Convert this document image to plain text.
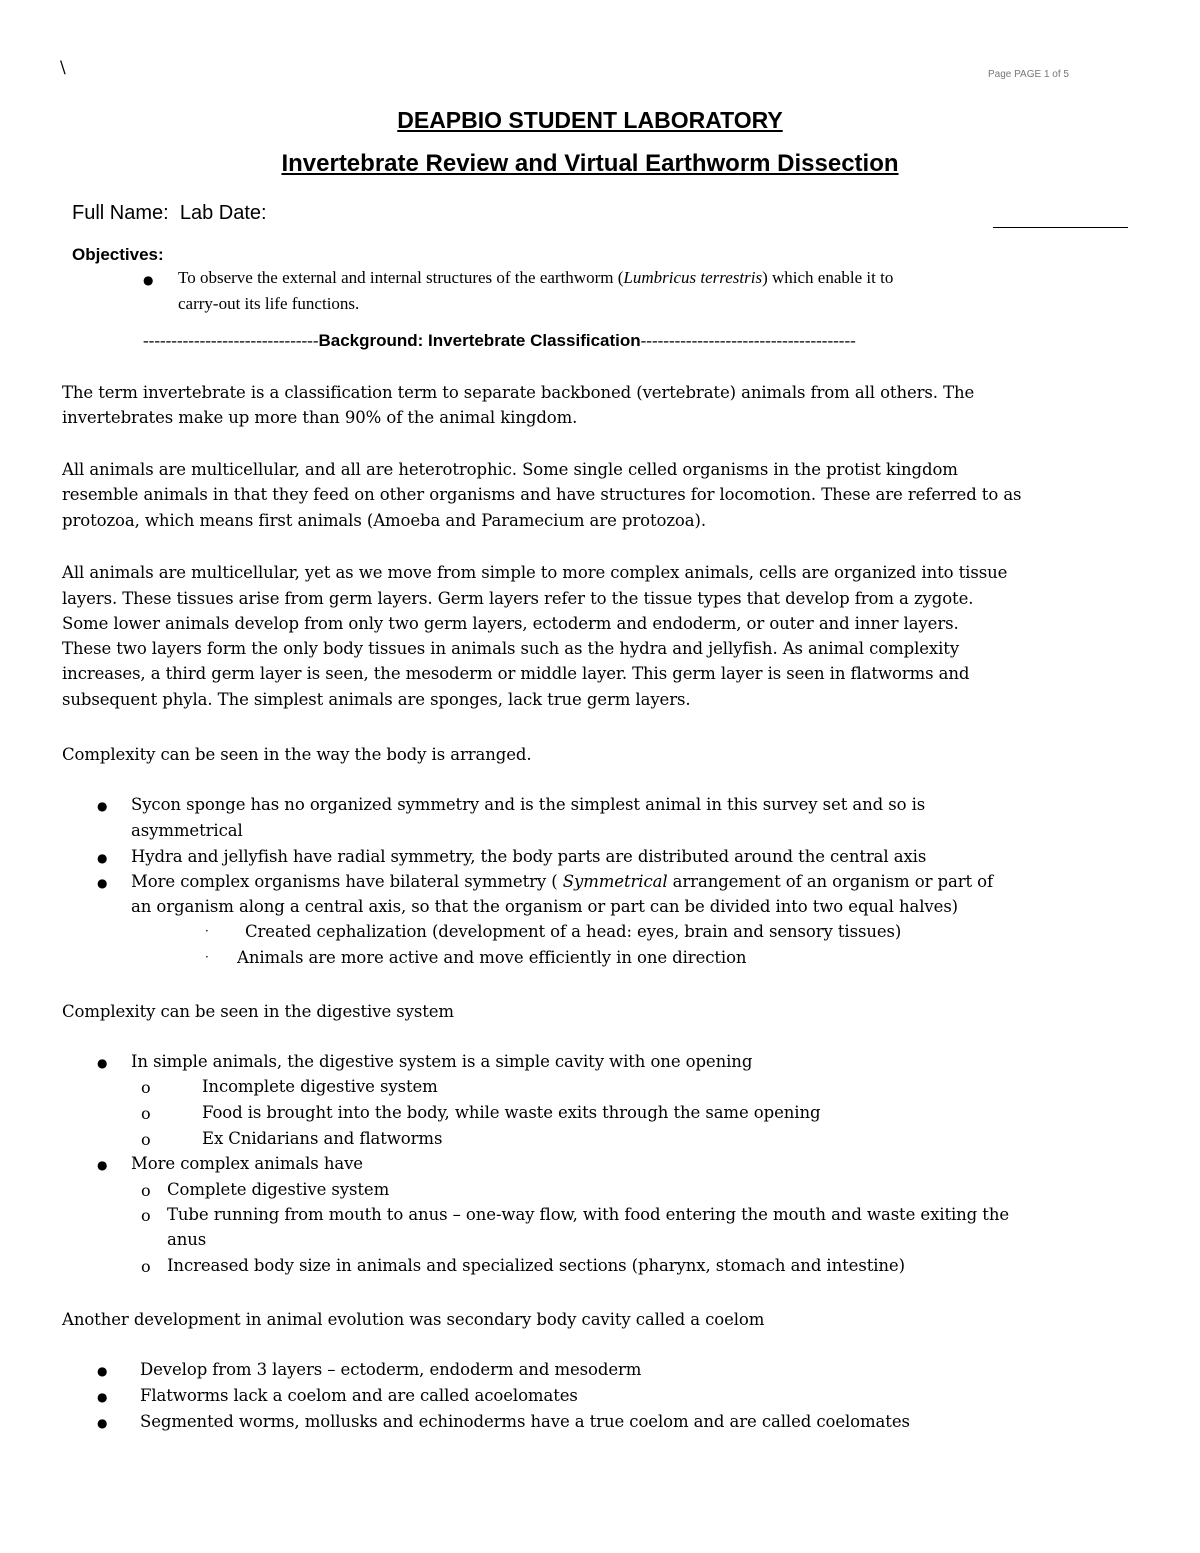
\	Page PAGE 1 of 5
DEAPBIO STUDENT LABORATORY
Invertebrate Review and Virtual Earthworm Dissection
Full Name: Lab Date:
Objectives:
● To observe the external and internal structures of the earthworm (Lumbricus terrestris) which enable it to
carry-out its life functions.
-------------------------------Background: Invertebrate Classification--------------------------------------
The term invertebrate is a classification term to separate backboned (vertebrate) animals from all others. The
invertebrates make up more than 90% of the animal kingdom.
All animals are multicellular, and all are heterotrophic. Some single celled organisms in the protist kingdom
resemble animals in that they feed on other organisms and have structures for locomotion. These are referred to as
protozoa, which means first animals (Amoeba and Paramecium are protozoa).
All animals are multicellular, yet as we move from simple to more complex animals, cells are organized into tissue
layers. These tissues arise from germ layers. Germ layers refer to the tissue types that develop from a zygote.
Some lower animals develop from only two germ layers, ectoderm and endoderm, or outer and inner layers.
These two layers form the only body tissues in animals such as the hydra and jellyfish. As animal complexity
increases, a third germ layer is seen, the mesoderm or middle layer. This germ layer is seen in flatworms and
subsequent phyla. The simplest animals are sponges, lack true germ layers.
Complexity can be seen in the way the body is arranged.
● Sycon sponge has no organized symmetry and is the simplest animal in this survey set and so is
asymmetrical
● Hydra and jellyfish have radial symmetry, the body parts are distributed around the central axis
● More complex organisms have bilateral symmetry ( Symmetrical arrangement of an organism or part of
an organism along a central axis, so that the organism or part can be divided into two equal halves)
· Created cephalization (development of a head: eyes, brain and sensory tissues)
· Animals are more active and move efficiently in one direction
Complexity can be seen in the digestive system
● In simple animals, the digestive system is a simple cavity with one opening
o	Incomplete digestive system
o	Food is brought into the body, while waste exits through the same opening
o	Ex Cnidarians and flatworms
● More complex animals have
o Complete digestive system
o Tube running from mouth to anus – one-way flow, with food entering the mouth and waste exiting the
anus
o Increased body size in animals and specialized sections (pharynx, stomach and intestine)
Another development in animal evolution was secondary body cavity called a coelom
● Develop from 3 layers – ectoderm, endoderm and mesoderm
● Flatworms lack a coelom and are called acoelomates
● Segmented worms, mollusks and echinoderms have a true coelom and are called coelomates
